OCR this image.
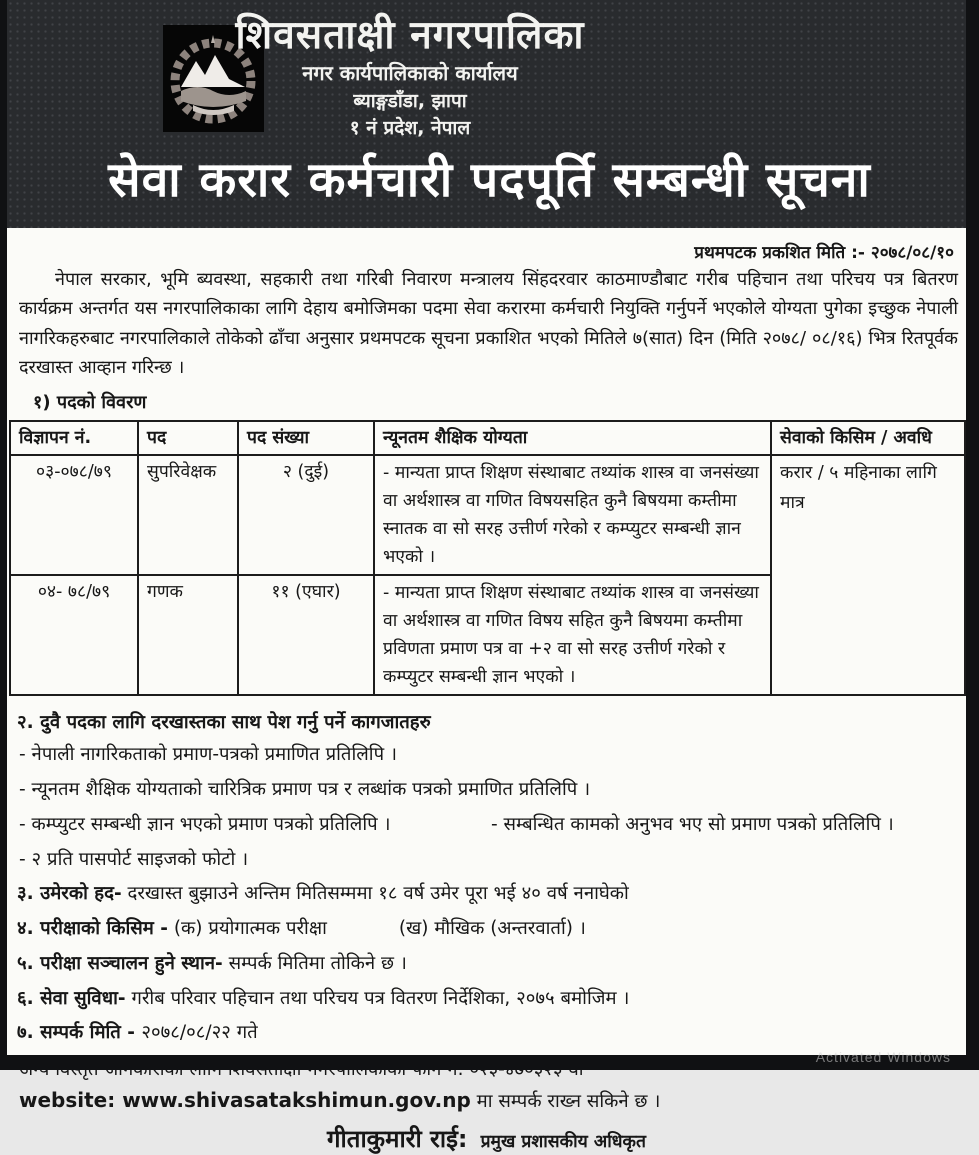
शिवसताक्षी नगरपालिका
नगर कार्यपालिकाको कार्यालय
ब्याङ्गडाँडा, झापा
१ नं प्रदेश, नेपाल
सेवा करार कर्मचारी पदपूर्ति सम्बन्धी सूचना
प्रथमपटक प्रकशित मिति :- २०७८/०८/१०

नेपाल सरकार, भूमि ब्यवस्था, सहकारी तथा गरिबी निवारण मन्त्रालय सिंहदरवार काठमाण्डौबाट गरीब पहिचान तथा परिचय पत्र बितरण कार्यक्रम अन्तर्गत यस नगरपालिकाका लागि देहाय बमोजिमका पदमा सेवा करारमा कर्मचारी नियुक्ति गर्नुपर्ने भएकोले योग्यता पुगेका इच्छुक नेपाली नागरिकहरुबाट नगरपालिकाले तोकेको ढाँचा अनुसार प्रथमपटक सूचना प्रकाशित भएको मितिले ७(सात) दिन (मिति २०७८/ ०८/१६) भित्र रितपूर्वक दरखास्त आव्हान गरिन्छ ।

१) पदको विवरण
विज्ञापन नं.	पद	पद संख्या	न्यूनतम शैक्षिक योग्यता	सेवाको किसिम / अवधि
०३-०७८/७९	सुपरिवेक्षक	२ (दुई)	- मान्यता प्राप्त शिक्षण संस्थाबाट तथ्यांक शास्त्र वा जनसंख्या वा अर्थशास्त्र वा गणित विषयसहित कुनै बिषयमा कम्तीमा स्नातक वा सो सरह उत्तीर्ण गरेको र कम्प्युटर सम्बन्धी ज्ञान भएको ।	करार / ५ महिनाका लागि मात्र
०४- ७८/७९	गणक	११ (एघार)	- मान्यता प्राप्त शिक्षण संस्थाबाट तथ्यांक शास्त्र वा जनसंख्या वा अर्थशास्त्र वा गणित विषय सहित कुनै बिषयमा कम्तीमा प्रविणता प्रमाण पत्र वा +२ वा सो सरह उत्तीर्ण गरेको र कम्प्युटर सम्बन्धी ज्ञान भएको ।	
२. दुवै पदका लागि दरखास्तका साथ पेश गर्नु पर्ने कागजातहरु
- नेपाली नागरिकताको प्रमाण-पत्रको प्रमाणित प्रतिलिपि ।
- न्यूनतम शैक्षिक योग्यताको चारित्रिक प्रमाण पत्र र लब्धांक पत्रको प्रमाणित प्रतिलिपि ।
- कम्प्युटर सम्बन्धी ज्ञान भएको प्रमाण पत्रको प्रतिलिपि ।	- सम्बन्धित कामको अनुभव भए सो प्रमाण पत्रको प्रतिलिपि ।
- २ प्रति पासपोर्ट साइजको फोटो ।
३. उमेरको हद- दरखास्त बुझाउने अन्तिम मितिसम्ममा १८ वर्ष उमेर पूरा भई ४० वर्ष ननाघेको
४. परीक्षाको किसिम - (क) प्रयोगात्मक परीक्षा	(ख) मौखिक (अन्तरवार्ता) ।
५. परीक्षा सञ्चालन हुने स्थान- सम्पर्क मितिमा तोकिने छ ।
६. सेवा सुविधा- गरीब परिवार पहिचान तथा परिचय पत्र वितरण निर्देशिका, २०७५ बमोजिम ।
७. सम्पर्क मिति - २०७८/०८/२२ गते
website: www.shivasatakshimun.gov.np मा सम्पर्क राख्न सकिने छ ।
गीताकुमारी राई: प्रमुख प्रशासकीय अधिकृत
Activated Windows
